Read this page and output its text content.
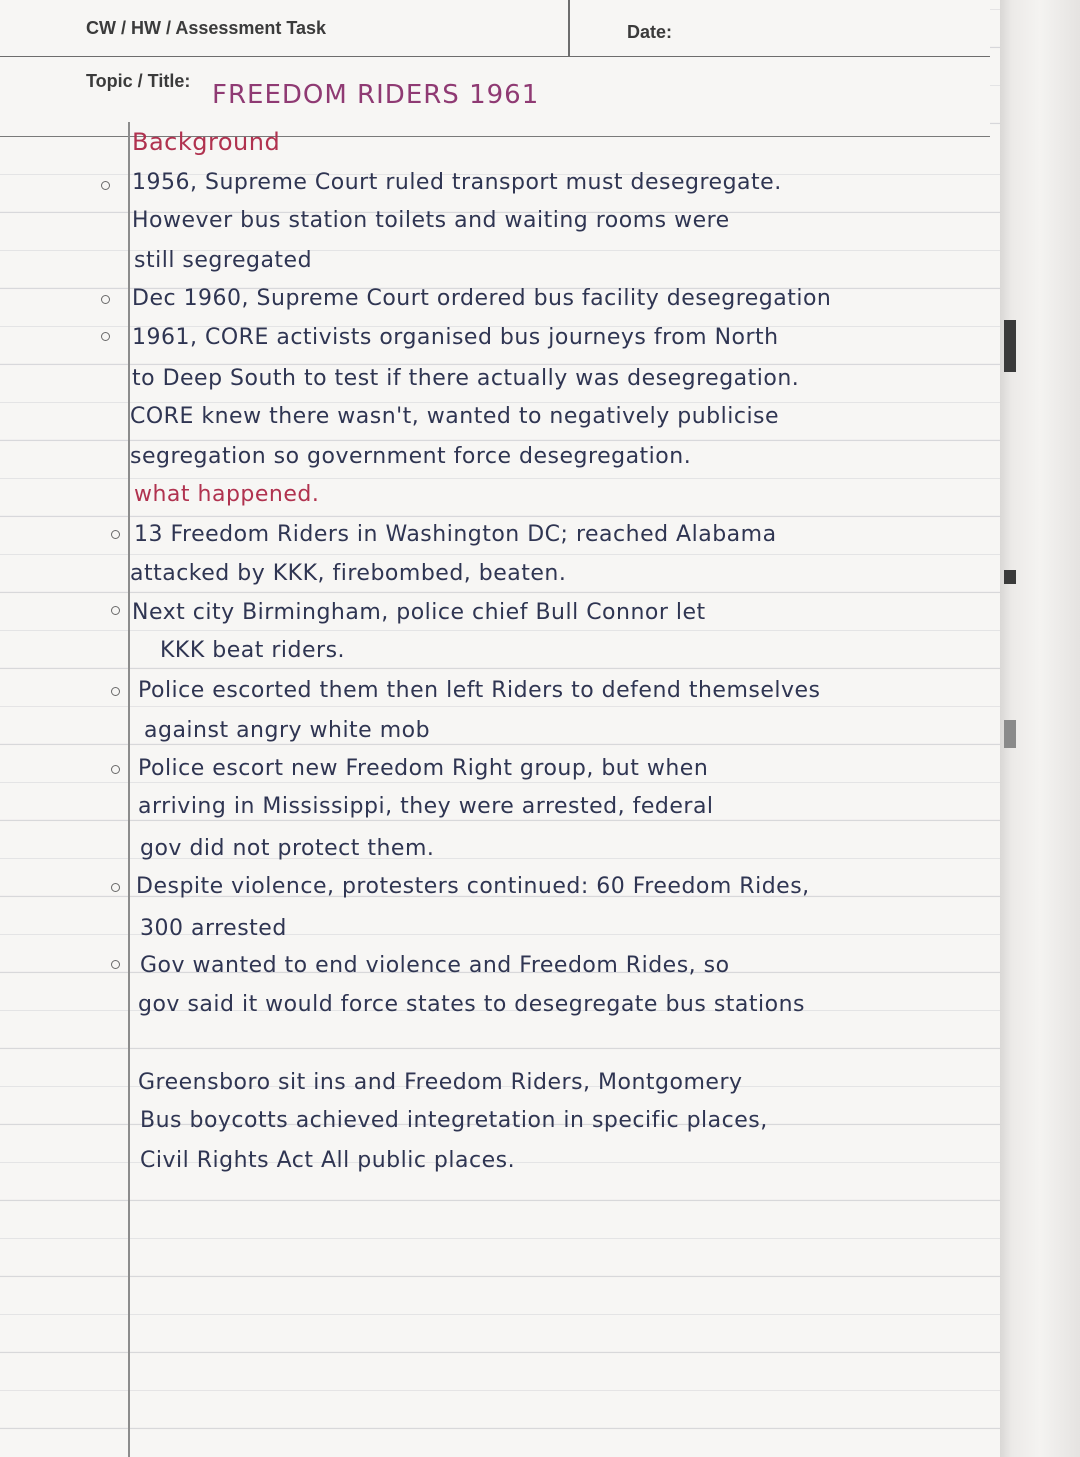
CW / HW / Assessment Task	Date:
Topic / Title: FREEDOM RIDERS 1961
Background
1956, Supreme Court ruled transport must desegregate.
However bus station toilets and waiting rooms were
still segregated
Dec 1960, Supreme Court ordered bus facility desegregation
1961, CORE activists organised bus journeys from North
to Deep South to test if there actually was desegregation.
CORE knew there wasn't, wanted to negatively publicise
segregation so government force desegregation.
what happened.
13 Freedom Riders in Washington DC; reached Alabama
attacked by KKK, firebombed, beaten.
Next city Birmingham, police chief Bull Connor let
KKK beat riders.
Police escorted them then left Riders to defend themselves
against angry white mob
Police escort new Freedom Right group, but when
arriving in Mississippi, they were arrested, federal
gov did not protect them.
Despite violence, protesters continued: 60 Freedom Rides,
300 arrested
Gov wanted to end violence and Freedom Rides, so
gov said it would force states to desegregate bus stations
Greensboro sit ins and Freedom Riders, Montgomery
Bus boycotts achieved integretation in specific places,
Civil Rights Act All public places.
